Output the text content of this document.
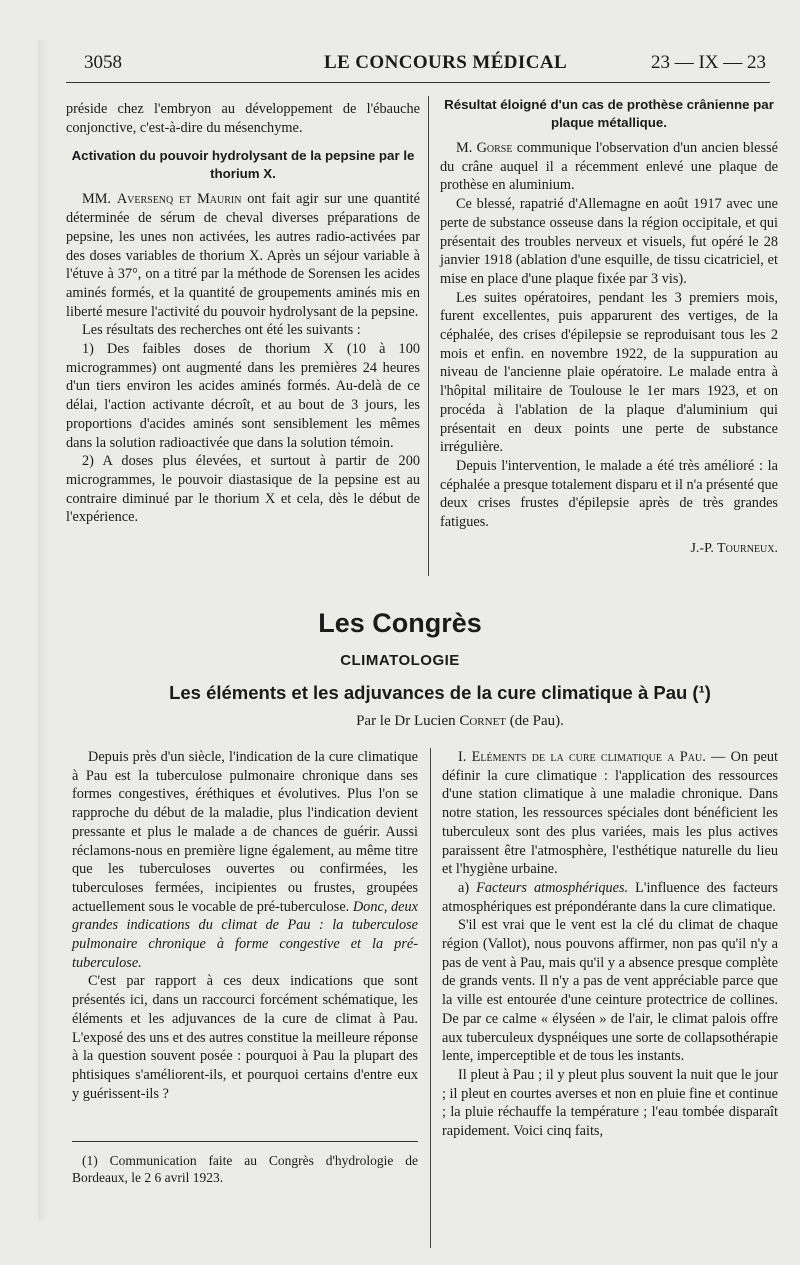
3058	LE CONCOURS MÉDICAL	23 — IX — 23

préside chez l'embryon au développement de l'ébauche conjonctive, c'est-à-dire du mésenchyme.

Activation du pouvoir hydrolysant de la pepsine par le thorium X.

MM. Aversenq et Maurin ont fait agir sur une quantité déterminée de sérum de cheval diverses préparations de pepsine, les unes non activées, les autres radio-activées par des doses variables de thorium X. Après un séjour variable à l'étuve à 37°, on a titré par la méthode de Sorensen les acides aminés formés, et la quantité de groupements aminés mis en liberté mesure l'activité du pouvoir hydrolysant de la pepsine.

Les résultats des recherches ont été les suivants :

1) Des faibles doses de thorium X (10 à 100 microgrammes) ont augmenté dans les premières 24 heures d'un tiers environ les acides aminés formés. Au-delà de ce délai, l'action activante décroît, et au bout de 3 jours, les proportions d'acides aminés sont sensiblement les mêmes dans la solution radioactivée que dans la solution témoin.

2) A doses plus élevées, et surtout à partir de 200 microgrammes, le pouvoir diastasique de la pepsine est au contraire diminué par le thorium X et cela, dès le début de l'expérience.

Résultat éloigné d'un cas de prothèse crânienne par plaque métallique.

M. Gorse communique l'observation d'un ancien blessé du crâne auquel il a récemment enlevé une plaque de prothèse en aluminium.

Ce blessé, rapatrié d'Allemagne en août 1917 avec une perte de substance osseuse dans la région occipitale, et qui présentait des troubles nerveux et visuels, fut opéré le 28 janvier 1918 (ablation d'une esquille, de tissu cicatriciel, et mise en place d'une plaque fixée par 3 vis).

Les suites opératoires, pendant les 3 premiers mois, furent excellentes, puis apparurent des vertiges, de la céphalée, des crises d'épilepsie se reproduisant tous les 2 mois et enfin. en novembre 1922, de la suppuration au niveau de l'ancienne plaie opératoire. Le malade entra à l'hôpital militaire de Toulouse le 1er mars 1923, et on procéda à l'ablation de la plaque d'aluminium qui présentait en deux points une perte de substance irrégulière.

Depuis l'intervention, le malade a été très amélioré : la céphalée a presque totalement disparu et il n'a présenté que deux crises frustes d'épilepsie après de très grandes fatigues.

J.-P. Tourneux.
Les Congrès
CLIMATOLOGIE
Les éléments et les adjuvances de la cure climatique à Pau (¹)
Par le Dr Lucien Cornet (de Pau).

Depuis près d'un siècle, l'indication de la cure climatique à Pau est la tuberculose pulmonaire chronique dans ses formes congestives, éréthiques et évolutives. Plus l'on se rapproche du début de la maladie, plus l'indication devient pressante et plus le malade a de chances de guérir. Aussi réclamons-nous en première ligne également, au même titre que les tuberculoses ouvertes ou confirmées, les tuberculoses fermées, incipientes ou frustes, groupées actuellement sous le vocable de pré-tuberculose. Donc, deux grandes indications du climat de Pau : la tuberculose pulmonaire chronique à forme congestive et la pré-tuberculose.

C'est par rapport à ces deux indications que sont présentés ici, dans un raccourci forcément schématique, les éléments et les adjuvances de la cure de climat à Pau. L'exposé des uns et des autres constitue la meilleure réponse à la question souvent posée : pourquoi à Pau la plupart des phtisiques s'améliorent-ils, et pourquoi certains d'entre eux y guérissent-ils ?

(1) Communication faite au Congrès d'hydrologie de Bordeaux, le 2 6 avril 1923.

I. Eléments de la cure climatique a Pau. — On peut définir la cure climatique : l'application des ressources d'une station climatique à une maladie chronique. Dans notre station, les ressources spéciales dont bénéficient les tuberculeux sont des plus variées, mais les plus actives paraissent être l'atmosphère, l'esthétique naturelle du lieu et l'hygiène urbaine.

a) Facteurs atmosphériques. L'influence des facteurs atmosphériques est prépondérante dans la cure climatique.

S'il est vrai que le vent est la clé du climat de chaque région (Vallot), nous pouvons affirmer, non pas qu'il n'y a pas de vent à Pau, mais qu'il y a absence presque complète de grands vents. Il n'y a pas de vent appréciable parce que la ville est entourée d'une ceinture protectrice de collines. De par ce calme « élyséen » de l'air, le climat palois offre aux tuberculeux dyspnéiques une sorte de collapsothérapie lente, imperceptible et de tous les instants.

Il pleut à Pau ; il y pleut plus souvent la nuit que le jour ; il pleut en courtes averses et non en pluie fine et continue ; la pluie réchauffe la température ; l'eau tombée disparaît rapidement. Voici cinq faits,
